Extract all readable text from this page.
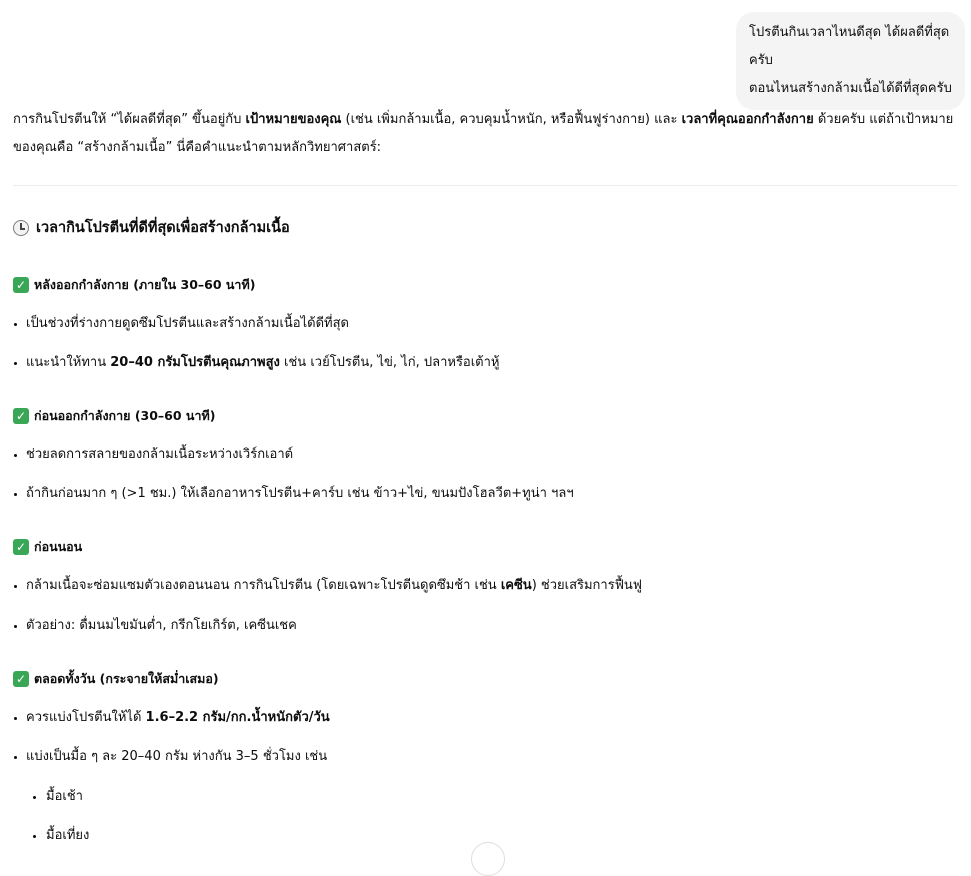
โปรตีนกินเวลาไหนดีสุด ได้ผลดีที่สุด ครับ
ตอนไหนสร้างกล้ามเนื้อได้ดีที่สุดครับ

การกินโปรตีนให้ “ได้ผลดีที่สุด” ขึ้นอยู่กับ เป้าหมายของคุณ (เช่น เพิ่มกล้ามเนื้อ, ควบคุมน้ำหนัก, หรือฟื้นฟูร่างกาย) และ เวลาที่คุณออกกำลังกาย ด้วยครับ แต่ถ้าเป้าหมายของคุณคือ “สร้างกล้ามเนื้อ” นี่คือคำแนะนำตามหลักวิทยาศาสตร์:

เวลากินโปรตีนที่ดีที่สุดเพื่อสร้างกล้ามเนื้อ
✓ หลังออกกำลังกาย (ภายใน 30–60 นาที)
เป็นช่วงที่ร่างกายดูดซึมโปรตีนและสร้างกล้ามเนื้อได้ดีที่สุด
แนะนำให้ทาน 20–40 กรัมโปรตีนคุณภาพสูง เช่น เวย์โปรตีน, ไข่, ไก่, ปลาหรือเต้าหู้
✓ ก่อนออกกำลังกาย (30–60 นาที)
ช่วยลดการสลายของกล้ามเนื้อระหว่างเวิร์กเอาต์
ถ้ากินก่อนมาก ๆ (>1 ชม.) ให้เลือกอาหารโปรตีน+คาร์บ เช่น ข้าว+ไข่, ขนมปังโฮลวีต+ทูน่า ฯลฯ
✓ ก่อนนอน
กล้ามเนื้อจะซ่อมแซมตัวเองตอนนอน การกินโปรตีน (โดยเฉพาะโปรตีนดูดซึมช้า เช่น เคซีน) ช่วยเสริมการฟื้นฟู
ตัวอย่าง: ดื่มนมไขมันต่ำ, กรีกโยเกิร์ต, เคซีนเชค
✓ ตลอดทั้งวัน (กระจายให้สม่ำเสมอ)
ควรแบ่งโปรตีนให้ได้ 1.6–2.2 กรัม/กก.น้ำหนักตัว/วัน
แบ่งเป็นมื้อ ๆ ละ 20–40 กรัม ห่างกัน 3–5 ชั่วโมง เช่น
มื้อเช้า
มื้อเที่ยง
